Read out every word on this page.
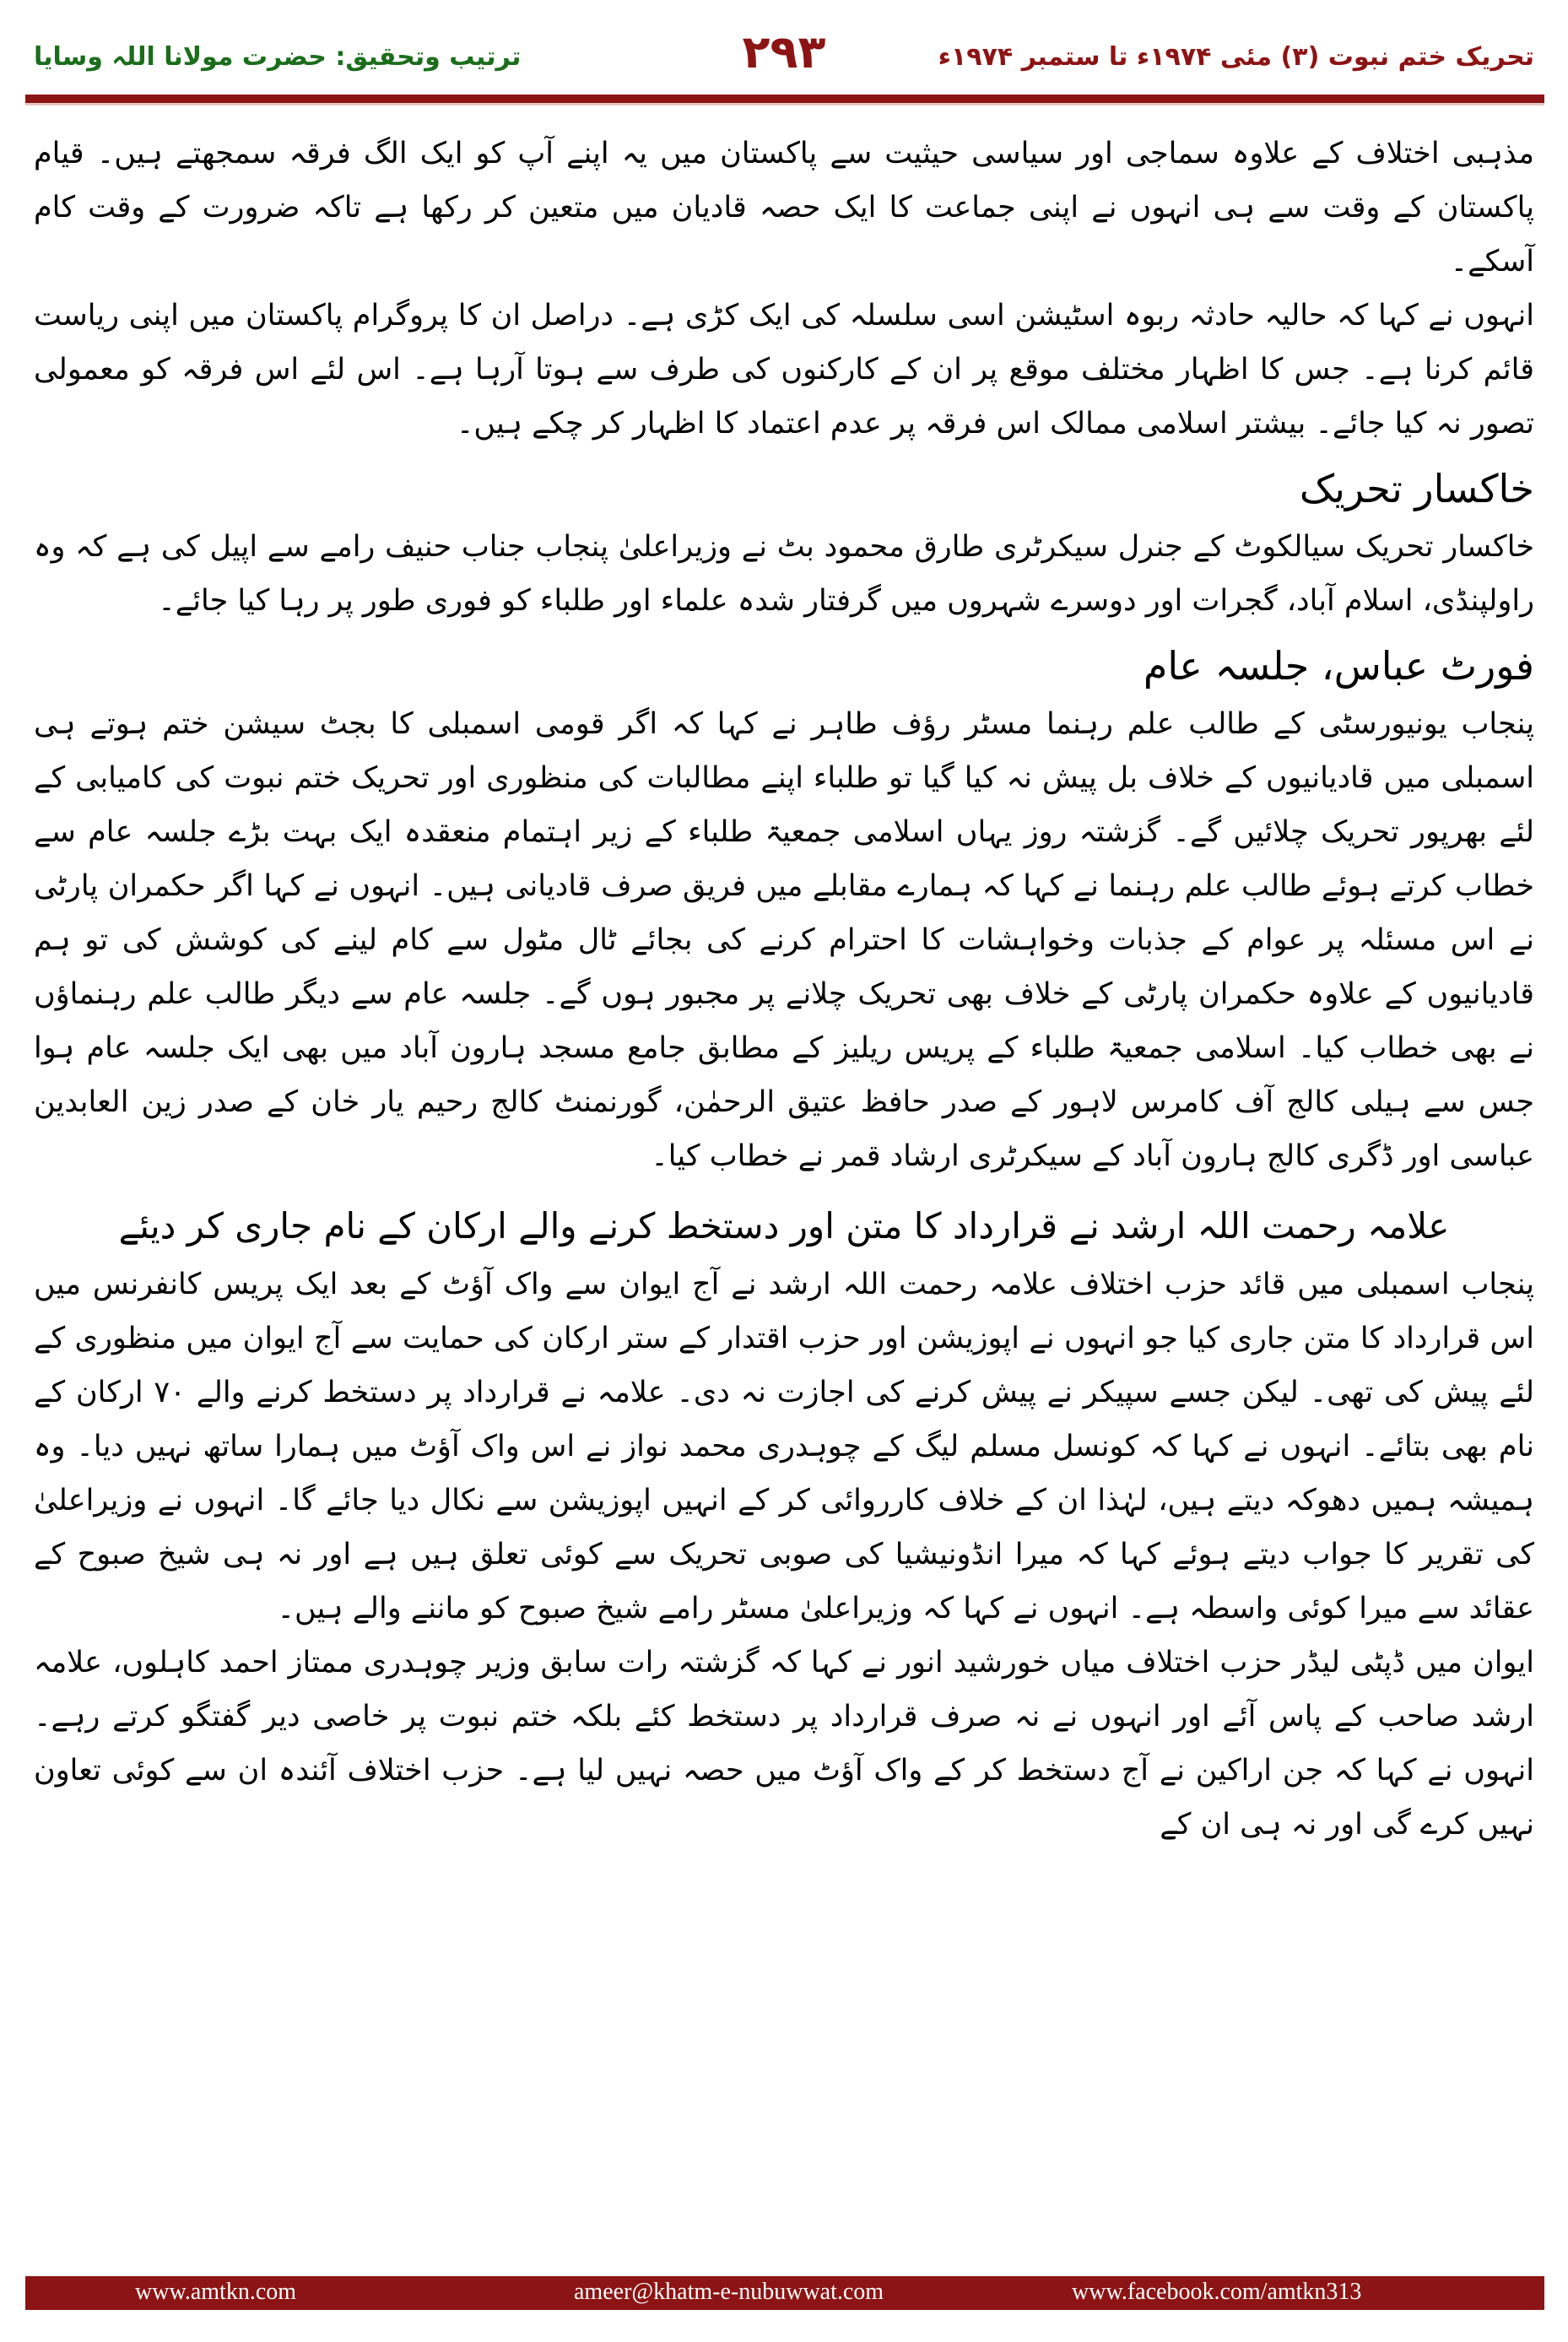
ترتیب وتحقیق: حضرت مولانا اللہ وسایا	۲۹۳	تحریک ختم نبوت (۳) مئی ۱۹۷۴ء تا ستمبر ۱۹۷۴ء

مذہبی اختلاف کے علاوہ سماجی اور سیاسی حیثیت سے پاکستان میں یہ اپنے آپ کو ایک الگ فرقہ سمجھتے ہیں۔ قیام پاکستان کے وقت سے ہی انہوں نے اپنی جماعت کا ایک حصہ قادیان میں متعین کر رکھا ہے تاکہ ضرورت کے وقت کام آسکے۔

انہوں نے کہا کہ حالیہ حادثہ ربوہ اسٹیشن اسی سلسلہ کی ایک کڑی ہے۔ دراصل ان کا پروگرام پاکستان میں اپنی ریاست قائم کرنا ہے۔ جس کا اظہار مختلف موقع پر ان کے کارکنوں کی طرف سے ہوتا آرہا ہے۔ اس لئے اس فرقہ کو معمولی تصور نہ کیا جائے۔ بیشتر اسلامی ممالک اس فرقہ پر عدم اعتماد کا اظہار کر چکے ہیں۔

خاکسار تحریک

خاکسار تحریک سیالکوٹ کے جنرل سیکرٹری طارق محمود بٹ نے وزیراعلیٰ پنجاب جناب حنیف رامے سے اپیل کی ہے کہ وہ راولپنڈی، اسلام آباد، گجرات اور دوسرے شہروں میں گرفتار شدہ علماء اور طلباء کو فوری طور پر رہا کیا جائے۔

فورٹ عباس، جلسہ عام

پنجاب یونیورسٹی کے طالب علم رہنما مسٹر رؤف طاہر نے کہا کہ اگر قومی اسمبلی کا بجٹ سیشن ختم ہوتے ہی اسمبلی میں قادیانیوں کے خلاف بل پیش نہ کیا گیا تو طلباء اپنے مطالبات کی منظوری اور تحریک ختم نبوت کی کامیابی کے لئے بھرپور تحریک چلائیں گے۔ گزشتہ روز یہاں اسلامی جمعیۃ طلباء کے زیر اہتمام منعقدہ ایک بہت بڑے جلسہ عام سے خطاب کرتے ہوئے طالب علم رہنما نے کہا کہ ہمارے مقابلے میں فریق صرف قادیانی ہیں۔ انہوں نے کہا اگر حکمران پارٹی نے اس مسئلہ پر عوام کے جذبات وخواہشات کا احترام کرنے کی بجائے ٹال مٹول سے کام لینے کی کوشش کی تو ہم قادیانیوں کے علاوہ حکمران پارٹی کے خلاف بھی تحریک چلانے پر مجبور ہوں گے۔ جلسہ عام سے دیگر طالب علم رہنماؤں نے بھی خطاب کیا۔ اسلامی جمعیۃ طلباء کے پریس ریلیز کے مطابق جامع مسجد ہارون آباد میں بھی ایک جلسہ عام ہوا جس سے ہیلی کالج آف کامرس لاہور کے صدر حافظ عتیق الرحمٰن، گورنمنٹ کالج رحیم یار خان کے صدر زین العابدین عباسی اور ڈگری کالج ہارون آباد کے سیکرٹری ارشاد قمر نے خطاب کیا۔

علامہ رحمت اللہ ارشد نے قرارداد کا متن اور دستخط کرنے والے ارکان کے نام جاری کر دیئے

پنجاب اسمبلی میں قائد حزب اختلاف علامہ رحمت اللہ ارشد نے آج ایوان سے واک آؤٹ کے بعد ایک پریس کانفرنس میں اس قرارداد کا متن جاری کیا جو انہوں نے اپوزیشن اور حزب اقتدار کے ستر ارکان کی حمایت سے آج ایوان میں منظوری کے لئے پیش کی تھی۔ لیکن جسے سپیکر نے پیش کرنے کی اجازت نہ دی۔ علامہ نے قرارداد پر دستخط کرنے والے ۷۰ ارکان کے نام بھی بتائے۔ انہوں نے کہا کہ کونسل مسلم لیگ کے چوہدری محمد نواز نے اس واک آؤٹ میں ہمارا ساتھ نہیں دیا۔ وہ ہمیشہ ہمیں دھوکہ دیتے ہیں، لہٰذا ان کے خلاف کارروائی کر کے انہیں اپوزیشن سے نکال دیا جائے گا۔ انہوں نے وزیراعلیٰ کی تقریر کا جواب دیتے ہوئے کہا کہ میرا انڈونیشیا کی صوبی تحریک سے کوئی تعلق ہیں ہے اور نہ ہی شیخ صبوح کے عقائد سے میرا کوئی واسطہ ہے۔ انہوں نے کہا کہ وزیراعلیٰ مسٹر رامے شیخ صبوح کو ماننے والے ہیں۔

ایوان میں ڈپٹی لیڈر حزب اختلاف میاں خورشید انور نے کہا کہ گزشتہ رات سابق وزیر چوہدری ممتاز احمد کاہلوں، علامہ ارشد صاحب کے پاس آئے اور انہوں نے نہ صرف قرارداد پر دستخط کئے بلکہ ختم نبوت پر خاصی دیر گفتگو کرتے رہے۔ انہوں نے کہا کہ جن اراکین نے آج دستخط کر کے واک آؤٹ میں حصہ نہیں لیا ہے۔ حزب اختلاف آئندہ ان سے کوئی تعاون نہیں کرے گی اور نہ ہی ان کے

www.amtkn.com	ameer@khatm-e-nubuwwat.com	www.facebook.com/amtkn313
